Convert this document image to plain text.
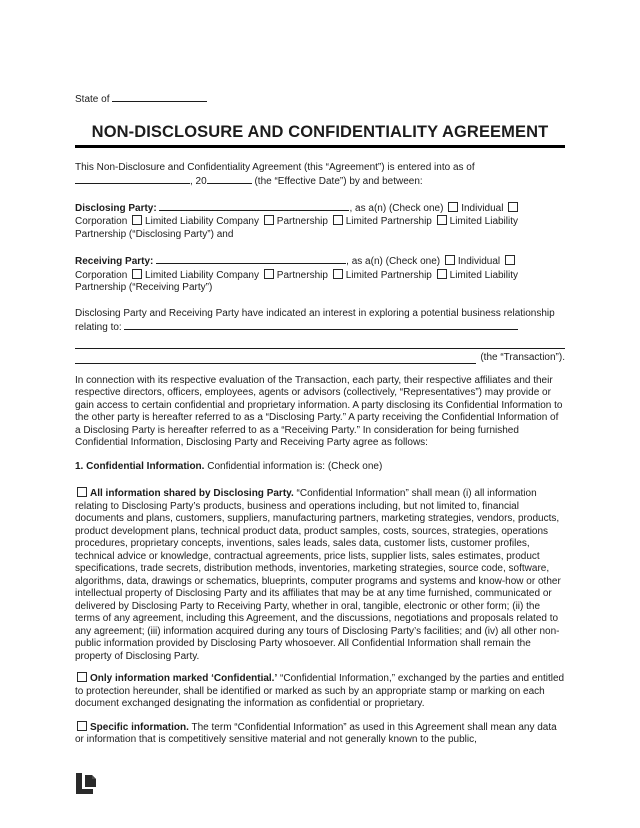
State of

NON-DISCLOSURE AND CONFIDENTIALITY AGREEMENT

This Non-Disclosure and Confidentiality Agreement (this “Agreement”) is entered into as of , 20	(the “Effective Date”) by and between:

Disclosing Party:	, as a(n) (Check one) Individual Corporation Limited Liability Company Partnership Limited Partnership Limited Liability Partnership (“Disclosing Party”) and

Receiving Party:	, as a(n) (Check one) Individual Corporation Limited Liability Company Partnership Limited Partnership Limited Liability Partnership (“Receiving Party”)

Disclosing Party and Receiving Party have indicated an interest in exploring a potential business relationship relating to:

(the “Transaction”).

In connection with its respective evaluation of the Transaction, each party, their respective affiliates and their respective directors, officers, employees, agents or advisors (collectively, “Representatives”) may provide or gain access to certain confidential and proprietary information. A party disclosing its Confidential Information to the other party is hereafter referred to as a “Disclosing Party.” A party receiving the Confidential Information of a Disclosing Party is hereafter referred to as a “Receiving Party.” In consideration for being furnished Confidential Information, Disclosing Party and Receiving Party agree as follows:

1. Confidential Information. Confidential information is: (Check one)

All information shared by Disclosing Party. “Confidential Information” shall mean (i) all information relating to Disclosing Party’s products, business and operations including, but not limited to, financial documents and plans, customers, suppliers, manufacturing partners, marketing strategies, vendors, products, product development plans, technical product data, product samples, costs, sources, strategies, operations procedures, proprietary concepts, inventions, sales leads, sales data, customer lists, customer profiles, technical advice or knowledge, contractual agreements, price lists, supplier lists, sales estimates, product specifications, trade secrets, distribution methods, inventories, marketing strategies, source code, software, algorithms, data, drawings or schematics, blueprints, computer programs and systems and know-how or other intellectual property of Disclosing Party and its affiliates that may be at any time furnished, communicated or delivered by Disclosing Party to Receiving Party, whether in oral, tangible, electronic or other form; (ii) the terms of any agreement, including this Agreement, and the discussions, negotiations and proposals related to any agreement; (iii) information acquired during any tours of Disclosing Party’s facilities; and (iv) all other non-public information provided by Disclosing Party whosoever. All Confidential Information shall remain the property of Disclosing Party.

Only information marked ‘Confidential.’ “Confidential Information,” exchanged by the parties and entitled to protection hereunder, shall be identified or marked as such by an appropriate stamp or marking on each document exchanged designating the information as confidential or proprietary.

Specific information. The term “Confidential Information” as used in this Agreement shall mean any data or information that is competitively sensitive material and not generally known to the public,
